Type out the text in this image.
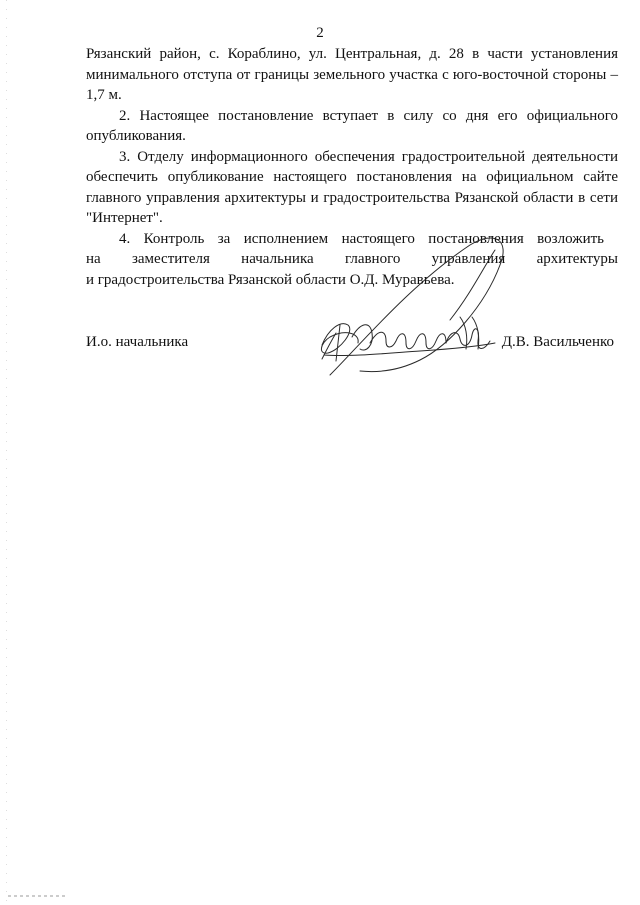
2

Рязанский район, с. Кораблино, ул. Центральная, д. 28 в части установления
минимального отступа от границы земельного участка с юго-восточной стороны –
1,7 м.

2. Настоящее постановление вступает в силу со дня его официального
опубликования.

3. Отделу информационного обеспечения градостроительной деятельности
обеспечить опубликование настоящего постановления на официальном сайте
главного управления архитектуры и градостроительства Рязанской области в сети
"Интернет".

4. Контроль за исполнением настоящего постановления возложить
на заместителя начальника главного управления архитектуры
и градостроительства Рязанской области О.Д. Муравьева.

И.о. начальника	Д.В. Васильченко
